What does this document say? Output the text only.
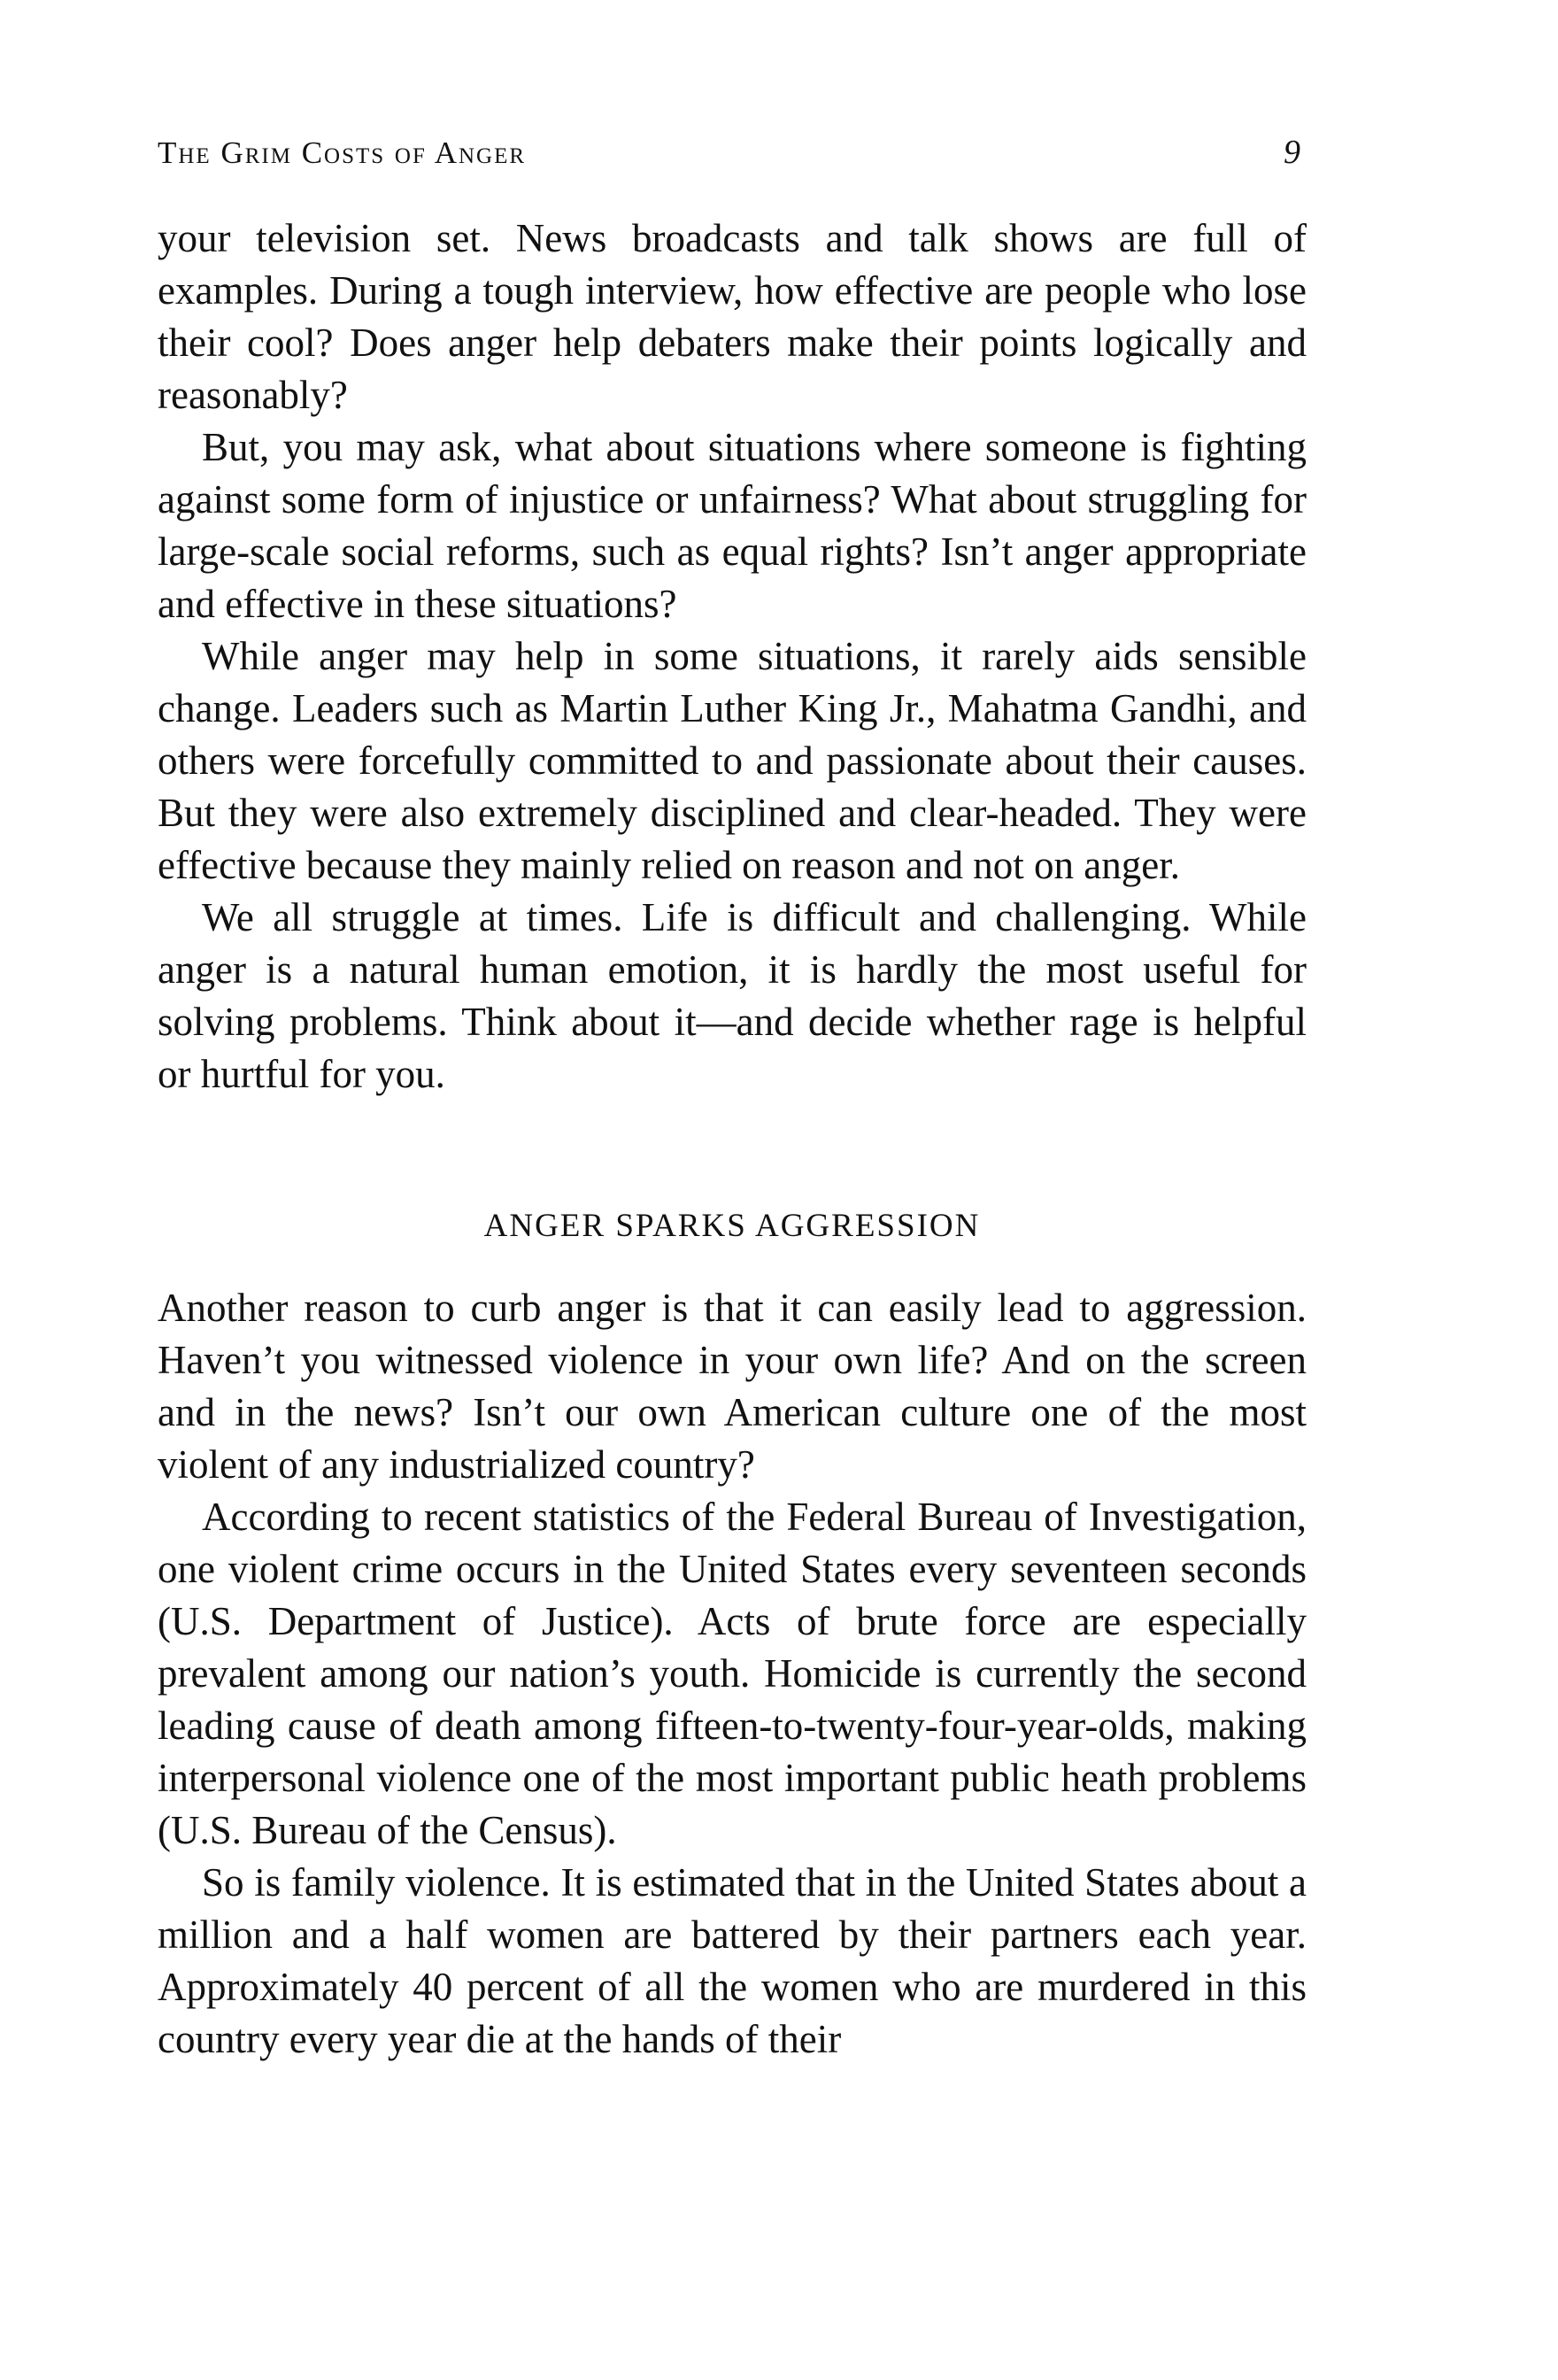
The Grim Costs of Anger	9

your television set. News broadcasts and talk shows are full of examples. During a tough interview, how effective are people who lose their cool? Does anger help debaters make their points logically and reasonably?

But, you may ask, what about situations where someone is fighting against some form of injustice or unfairness? What about struggling for large-scale social reforms, such as equal rights? Isn’t anger appropriate and effective in these situations?

While anger may help in some situations, it rarely aids sensible change. Leaders such as Martin Luther King Jr., Mahatma Gandhi, and others were forcefully committed to and passionate about their causes. But they were also extremely disciplined and clear-headed. They were effective because they mainly relied on reason and not on anger.

We all struggle at times. Life is difficult and challenging. While anger is a natural human emotion, it is hardly the most useful for solving problems. Think about it—and decide whether rage is helpful or hurtful for you.

ANGER SPARKS AGGRESSION

Another reason to curb anger is that it can easily lead to aggression. Haven’t you witnessed violence in your own life? And on the screen and in the news? Isn’t our own American culture one of the most violent of any industrialized country?

According to recent statistics of the Federal Bureau of Investigation, one violent crime occurs in the United States every seventeen seconds (U.S. Department of Justice). Acts of brute force are especially prevalent among our nation’s youth. Homicide is currently the second leading cause of death among fifteen-to-twenty-four-year-olds, making interpersonal violence one of the most important public heath problems (U.S. Bureau of the Census).

So is family violence. It is estimated that in the United States about a million and a half women are battered by their partners each year. Approximately 40 percent of all the women who are murdered in this country every year die at the hands of their
